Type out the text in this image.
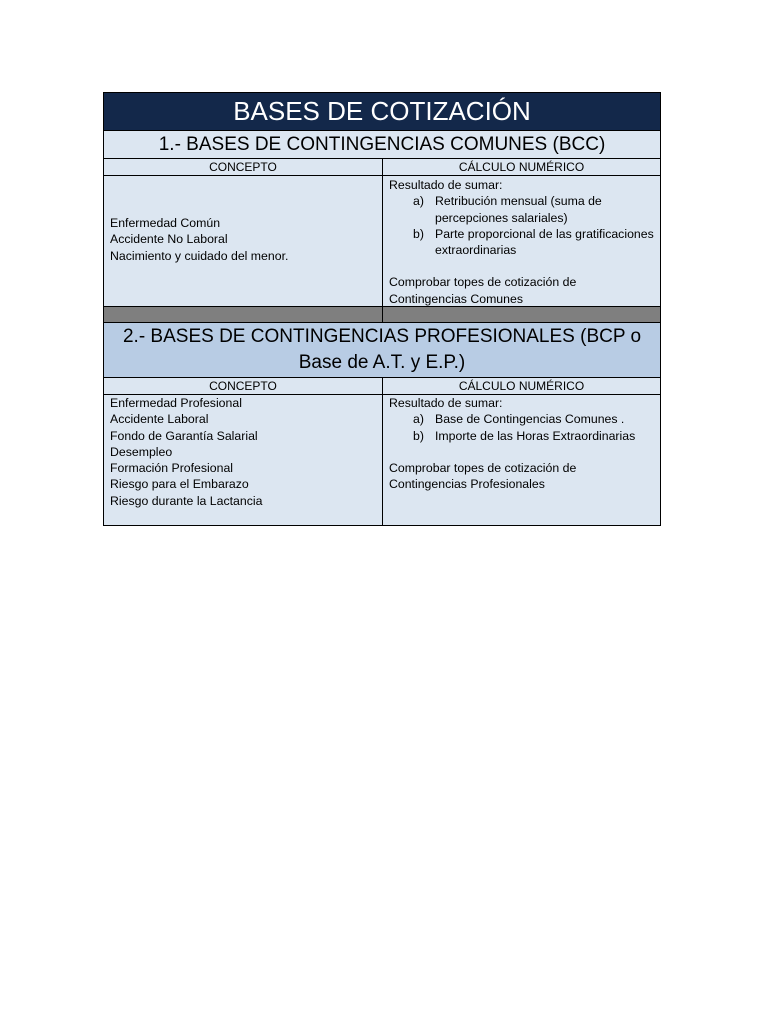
BASES DE COTIZACIÓN
1.- BASES DE CONTINGENCIAS COMUNES (BCC)
CONCEPTO	CÁLCULO NUMÉRICO
Enfermedad Común
Accidente No Laboral
Nacimiento y cuidado del menor.
Resultado de sumar:
a) Retribución mensual (suma de percepciones salariales)
b) Parte proporcional de las gratificaciones extraordinarias
Comprobar topes de cotización de
Contingencias Comunes
2.- BASES DE CONTINGENCIAS PROFESIONALES (BCP o
Base de A.T. y E.P.)
CONCEPTO	CÁLCULO NUMÉRICO
Enfermedad Profesional
Accidente Laboral
Fondo de Garantía Salarial
Desempleo
Formación Profesional
Riesgo para el Embarazo
Riesgo durante la Lactancia
Resultado de sumar:
a) Base de Contingencias Comunes .
b) Importe de las Horas Extraordinarias
Comprobar topes de cotización de
Contingencias Profesionales
